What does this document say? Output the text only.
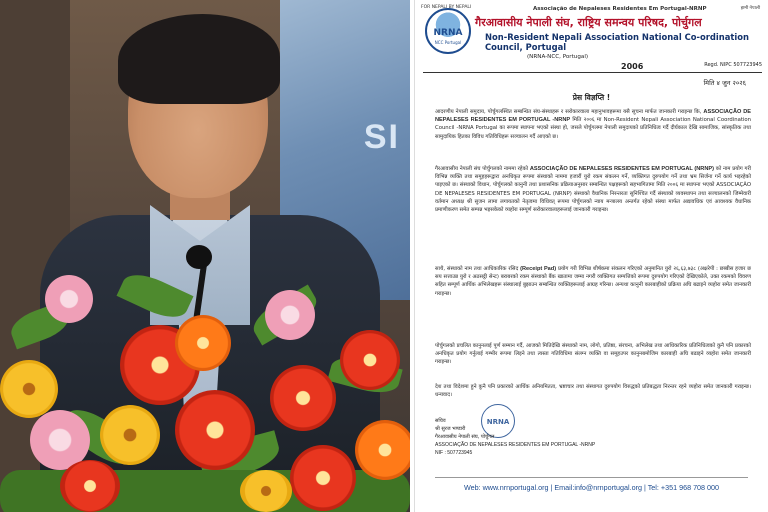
SI
NRNA
NCC Portugal
FOR NEPALI BY NEPALI	हामी नेपाली
Associação de Nepaleses Residentes Em Portugal-NRNP
गैरआवासीय नेपाली संघ, राष्ट्रिय समन्वय परिषद, पोर्चुगल
Non-Resident Nepali Association National Co-ordination Council, Portugal
(NRNA-NCC, Portugal)
2006	Regd. NIPC 507723945
मिति ४ जुन २०२६
प्रेस विज्ञप्ति !
आदरणीय नेपाली समुदाय, पोर्चुगलस्थित सम्बन्धित संघ-संस्थाहरू र सरोकारवाला महानुभावहरूमा यसै सूचना मार्फत जानकारी गराइन्छ कि, ASSOCIAÇÃO DE NEPALESES RESIDENTES EM PORTUGAL -NRNP मिति २००६ मा Non-Resident Nepali Association National Coordination Council -NRNA Portugal का रूपमा स्थापना भएको संस्था हो, जसले पोर्चुगलमा नेपाली समुदायको प्रतिनिधित्व गर्दै दीर्घकाल देखि सामाजिक, सांस्कृतिक तथा सामुदायिक हितका विविध गतिविधिहरू सञ्चालन गर्दै आएको छ।
गैरआवासीय नेपाली संघ पोर्चुगलको नाममा रहेको ASSOCIAÇÃO DE NEPALESES RESIDENTES EM PORTUGAL (NRNP) को नाम प्रयोग गरी विभिन्न व्यक्ति तथा समूहहरूद्वारा अनधिकृत रूपमा संस्थाको नाममा हजारौं युरो रकम संकलन गर्ने, व्यक्तिगत दुरुपयोग गर्ने तथा भ्रम सिर्जना गर्ने कार्य भइरहेको पाइएको छ। संस्थाको विधान, पोर्चुगलको कानुनी तथा प्रशासनिक प्रक्रियाअनुसार सम्बन्धित पक्षहरूको सहभागितामा मिति २००६ मा स्थापना भएको ASSOCIAÇÃO DE NEPALESES RESIDENTES EM PORTUGAL (NRNP) संस्थाको वैधानिक निरन्तरता सुनिश्चित गर्दै संस्थाको व्यवस्थापन तथा सञ्चालनको जिम्मेवारी वर्तमान अध्यक्ष श्री सुजन लामा लगायतको नेतृत्वमा विधिवत् रूपमा पोर्चुगलको न्याय मन्त्रालय अन्तर्गत रहेको संस्था मार्फत अद्यावधिक एवं आवश्यक वैधानिक प्रमाणीकरण समेत सम्पन्न भइसकेको व्यहोरा सम्पूर्ण सरोकारवालाहरूलाई जानकारी गराइन्छ।
साथै, संस्थाको नाम तथा आधिकारिक रसिद (Receipt Pad) प्रयोग गरी विभिन्न शीर्षकमा संकलन गरिएको अनुमानित युरो २६,६३,७३८ (अक्षरेपी : छब्बीस हजार छ सय सत्ताउन्न युरो र अठसट्ठी सेन्ट) बराबरको रकम संस्थाको बैंक खातामा जम्मा नगरी व्यक्तिगत सम्पत्तिको रूपमा दुरुपयोग गरिएको देखिएकोले, उक्त रकमको विवरण सहित सम्पूर्ण आर्थिक अभिलेखहरू संस्थालाई बुझाउन सम्बन्धित व्यक्तिहरूलाई आग्रह गरिन्छ। अन्यथा कानुनी कारबाहीको प्रक्रिया अघि बढाइने व्यहोरा समेत जानकारी गराइन्छ।
पोर्चुगलको प्रचलित कानुनलाई पूर्ण सम्मान गर्दै, आजको मितिदेखि संस्थाको नाम, लोगो, प्रतिष्ठा, संरचना, अभिलेख तथा आधिकारिक प्रतिनिधित्वको कुनै पनि प्रकारको अनधिकृत प्रयोग गर्नुलाई गम्भीर रूपमा लिइने तथा त्यस्ता गतिविधिमा संलग्न व्यक्ति वा समूहउपर कानुनबमोजिम कारबाही अघि बढाइने व्यहोरा समेत जानकारी गराइन्छ।
देश तथा विदेशमा हुने कुनै पनि प्रकारको आर्थिक अनियमितता, भ्रष्टाचार तथा संस्थागत दुरुपयोग विरुद्धको प्रतिबद्धता निरन्तर रहने व्यहोरा समेत जानकारी गराइन्छ। धन्यवाद।
NRNA
सचिव
श्री सुरज भण्डारी
गैरआवासीय नेपाली संघ, पोर्चुगल
ASSOCIAÇÃO DE NEPALESES RESIDENTES EM PORTUGAL -NRNP
NIF : 507723945
Web: www.nrnportugal.org | Email:info@nrnportugal.org | Tel: +351 968 708 000
